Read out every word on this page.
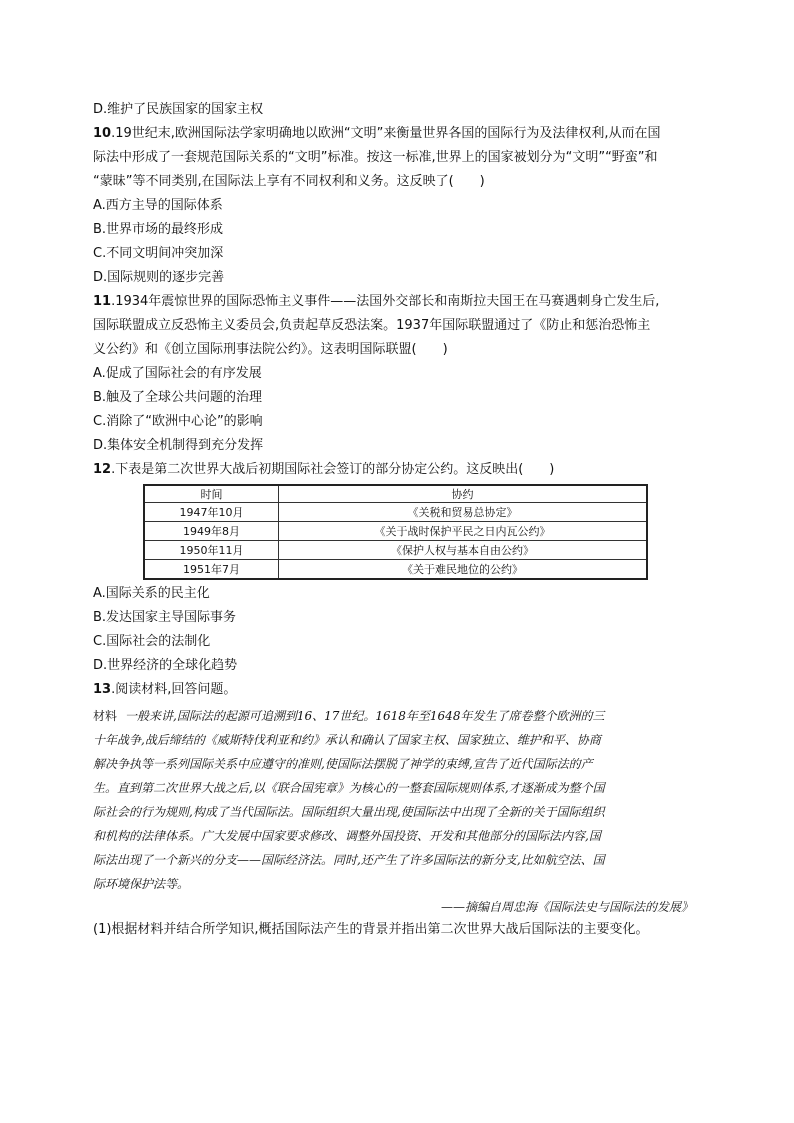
D.维护了民族国家的国家主权
10.19世纪末,欧洲国际法学家明确地以欧洲“文明”来衡量世界各国的国际行为及法律权利,从而在国
际法中形成了一套规范国际关系的“文明”标准。按这一标准,世界上的国家被划分为“文明”“野蛮”和
“蒙昧”等不同类别,在国际法上享有不同权利和义务。这反映了(　　)
A.西方主导的国际体系
B.世界市场的最终形成
C.不同文明间冲突加深
D.国际规则的逐步完善
11.1934年震惊世界的国际恐怖主义事件——法国外交部长和南斯拉夫国王在马赛遇刺身亡发生后,
国际联盟成立反恐怖主义委员会,负责起草反恐法案。1937年国际联盟通过了《防止和惩治恐怖主
义公约》和《创立国际刑事法院公约》。这表明国际联盟(　　)
A.促成了国际社会的有序发展
B.触及了全球公共问题的治理
C.消除了“欧洲中心论”的影响
D.集体安全机制得到充分发挥
12.下表是第二次世界大战后初期国际社会签订的部分协定公约。这反映出(　　)
时间	协约
1947年10月	《关税和贸易总协定》
1949年8月	《关于战时保护平民之日内瓦公约》
1950年11月	《保护人权与基本自由公约》
1951年7月	《关于难民地位的公约》
A.国际关系的民主化
B.发达国家主导国际事务
C.国际社会的法制化
D.世界经济的全球化趋势
13.阅读材料,回答问题。
材料 一般来讲,国际法的起源可追溯到16、17世纪。1618年至1648年发生了席卷整个欧洲的三
十年战争,战后缔结的《威斯特伐利亚和约》承认和确认了国家主权、国家独立、维护和平、协商
解决争执等一系列国际关系中应遵守的准则,使国际法摆脱了神学的束缚,宣告了近代国际法的产
生。直到第二次世界大战之后,以《联合国宪章》为核心的一整套国际规则体系,才逐渐成为整个国
际社会的行为规则,构成了当代国际法。国际组织大量出现,使国际法中出现了全新的关于国际组织
和机构的法律体系。广大发展中国家要求修改、调整外国投资、开发和其他部分的国际法内容,国
际法出现了一个新兴的分支——国际经济法。同时,还产生了许多国际法的新分支,比如航空法、国
际环境保护法等。
——摘编自周忠海《国际法史与国际法的发展》
(1)根据材料并结合所学知识,概括国际法产生的背景并指出第二次世界大战后国际法的主要变化。
